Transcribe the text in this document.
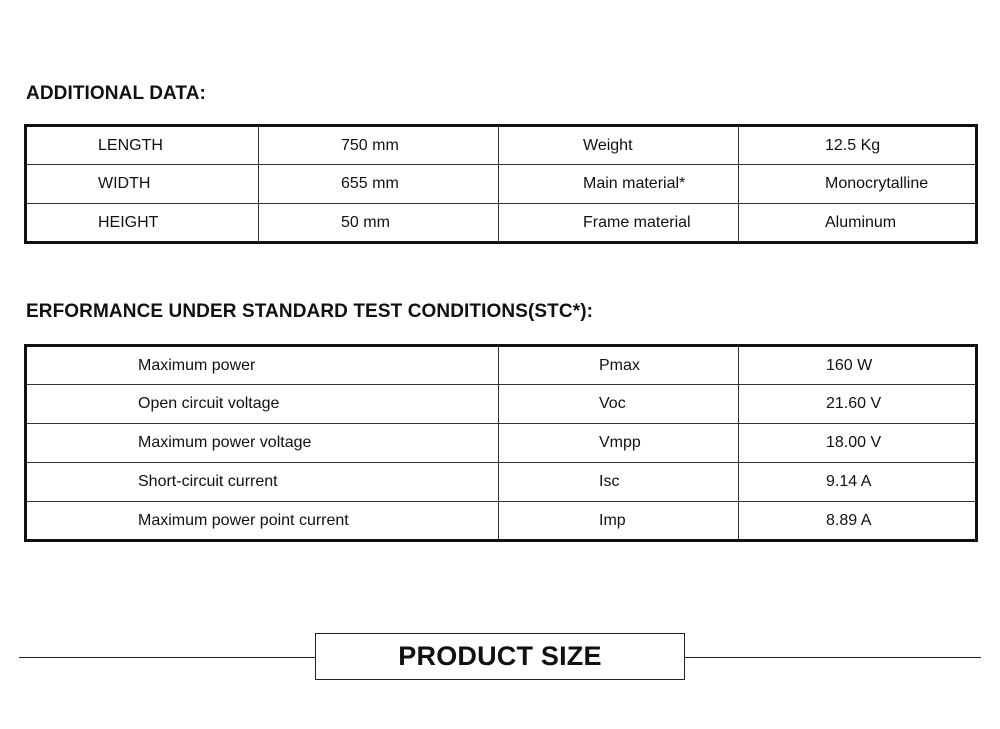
ADDITIONAL DATA:
LENGTH	750 mm	Weight	12.5 Kg
WIDTH	655 mm	Main material*	Monocrytalline
HEIGHT	50 mm	Frame material	Aluminum
ERFORMANCE UNDER STANDARD TEST CONDITIONS(STC*):
Maximum power	Pmax	160 W
Open circuit voltage	Voc	21.60 V
Maximum power voltage	Vmpp	18.00 V
Short-circuit current	Isc	9.14 A
Maximum power point current	Imp	8.89 A
PRODUCT SIZE
